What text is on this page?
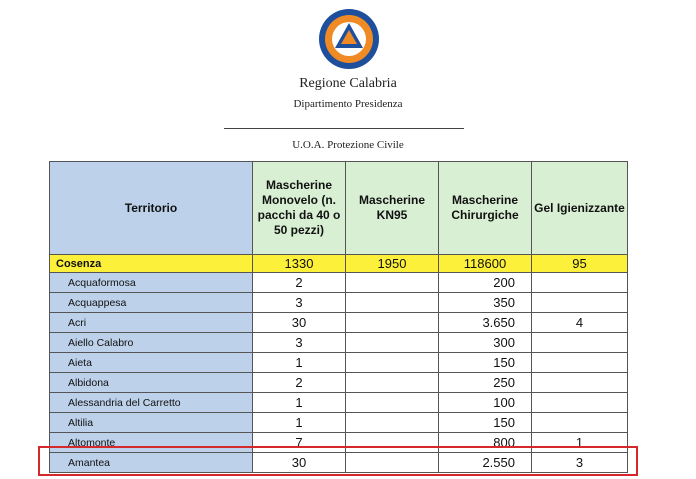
Regione Calabria
Dipartimento Presidenza
U.O.A. Protezione Civile
Territorio	Mascherine Monovelo (n. pacchi da 40 o 50 pezzi)	Mascherine KN95	Mascherine Chirurgiche	Gel Igienizzante
Cosenza	1330	1950	118600	95
Acquaformosa	2		200	
Acquappesa	3		350	
Acri	30		3.650	4
Aiello Calabro	3		300	
Aieta	1		150	
Albidona	2		250	
Alessandria del Carretto	1		100	
Altilia	1		150	
Altomonte	7		800	1
Amantea	30		2.550	3
